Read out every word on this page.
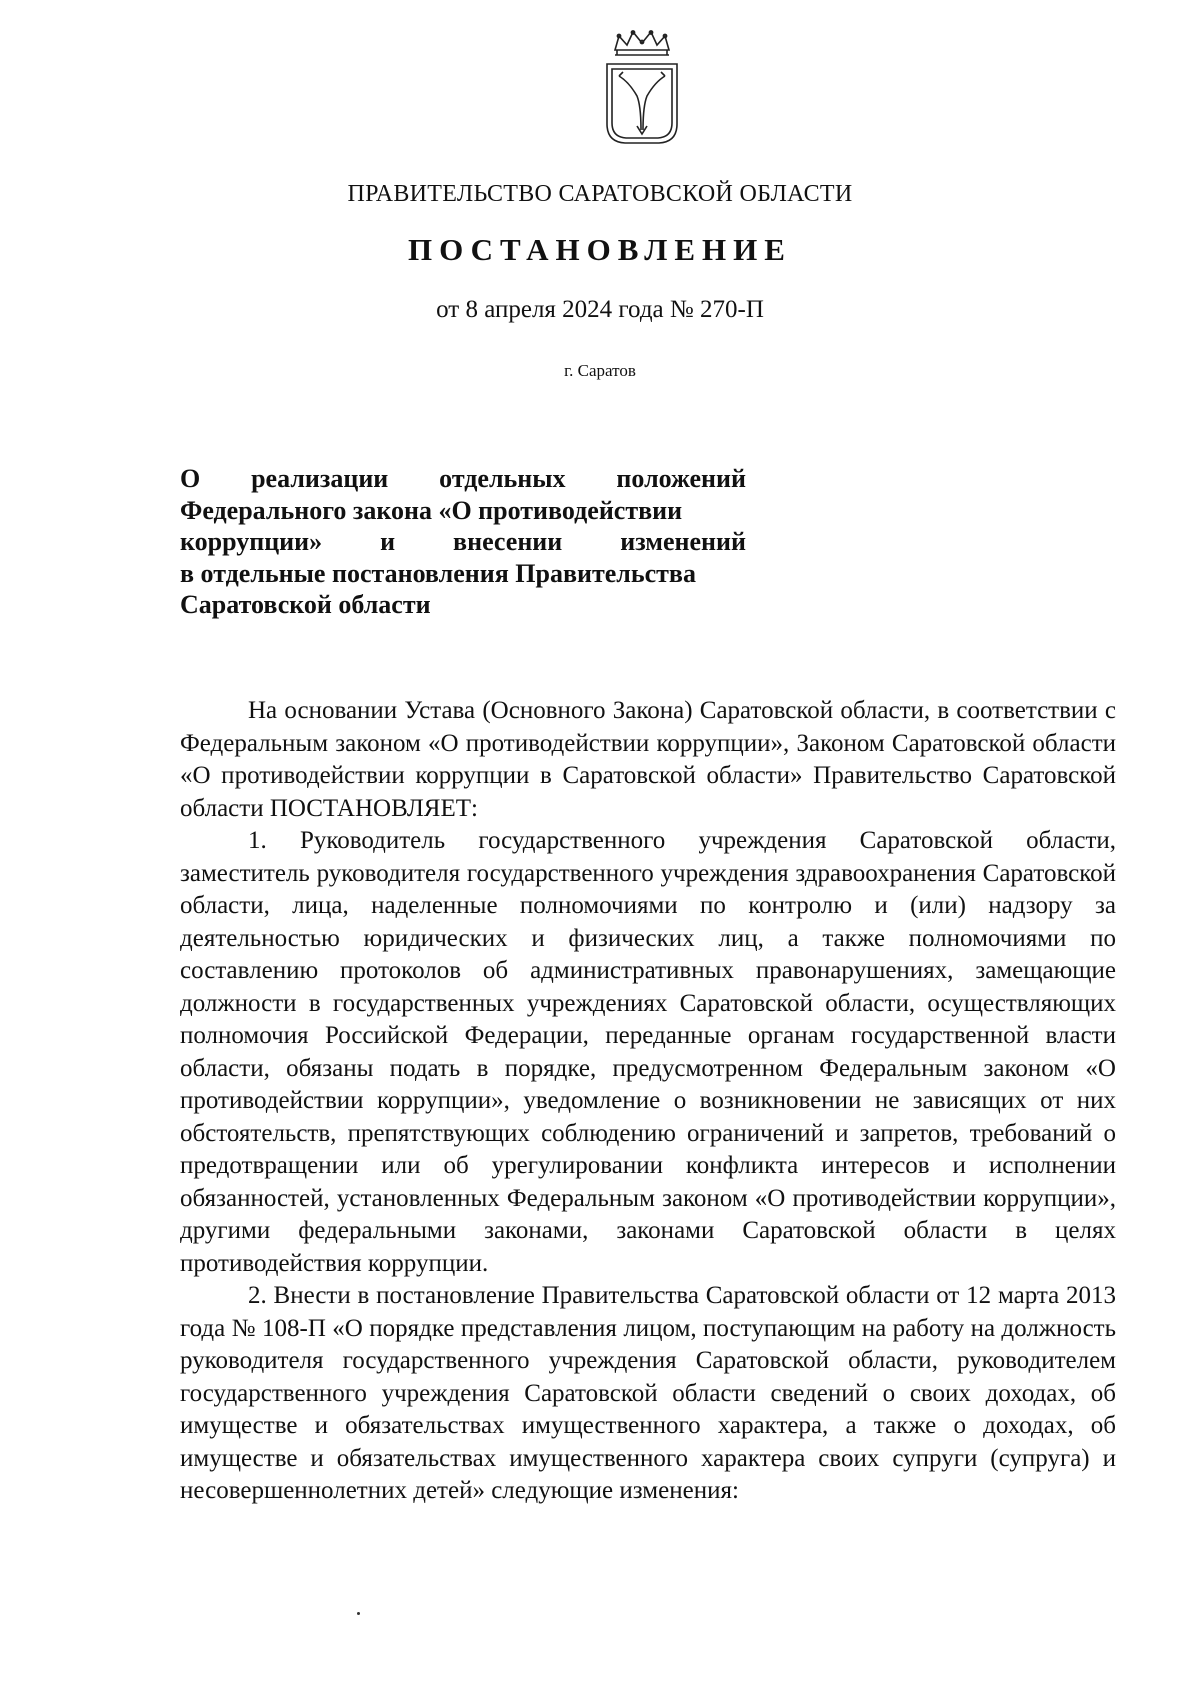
ПРАВИТЕЛЬСТВО САРАТОВСКОЙ ОБЛАСТИ
ПОСТАНОВЛЕНИЕ
от 8 апреля 2024 года № 270-П
г. Саратов
О реализации отдельных положений
Федерального закона «О противодействии
коррупции» и внесении изменений
в отдельные постановления Правительства
Саратовской области

На основании Устава (Основного Закона) Саратовской области, в соответствии с Федеральным законом «О противодействии коррупции», Законом Саратовской области «О противодействии коррупции в Саратовской области» Правительство Саратовской области ПОСТАНОВЛЯЕТ:

1. Руководитель государственного учреждения Саратовской области, заместитель руководителя государственного учреждения здравоохранения Саратовской области, лица, наделенные полномочиями по контролю и (или) надзору за деятельностью юридических и физических лиц, а также полномочиями по составлению протоколов об административных правонарушениях, замещающие должности в государственных учреждениях Саратовской области, осуществляющих полномочия Российской Федерации, переданные органам государственной власти области, обязаны подать в порядке, предусмотренном Федеральным законом «О противодействии коррупции», уведомление о возникновении не зависящих от них обстоятельств, препятствующих соблюдению ограничений и запретов, требований о предотвращении или об урегулировании конфликта интересов и исполнении обязанностей, установленных Федеральным законом «О противодействии коррупции», другими федеральными законами, законами Саратовской области в целях противодействия коррупции.

2. Внести в постановление Правительства Саратовской области от 12 марта 2013 года № 108-П «О порядке представления лицом, поступающим на работу на должность руководителя государственного учреждения Саратовской области, руководителем государственного учреждения Саратовской области сведений о своих доходах, об имуществе и обязательствах имущественного характера, а также о доходах, об имуществе и обязательствах имущественного характера своих супруги (супруга) и несовершеннолетних детей» следующие изменения:
